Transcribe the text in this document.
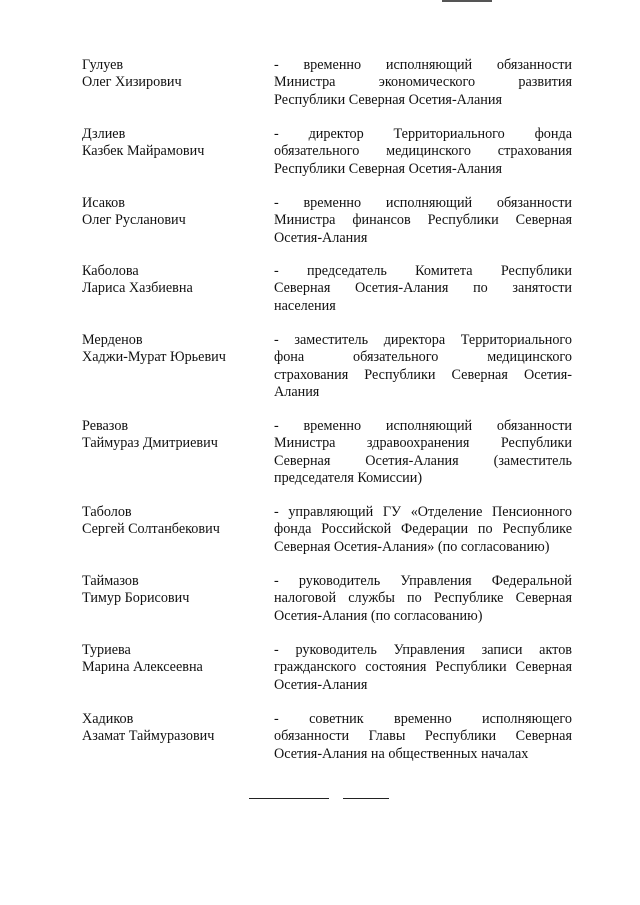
Гулуев
Олег Хизирович
- временно исполняющий обязанности
Министра экономического развития
Республики Северная Осетия-Алания
Дзлиев
Казбек Майрамович
- директор Территориального фонда
обязательного медицинского страхования
Республики Северная Осетия-Алания
Исаков
Олег Русланович
- временно исполняющий обязанности
Министра финансов Республики Северная
Осетия-Алания
Каболова
Лариса Хазбиевна
- председатель Комитета Республики
Северная Осетия-Алания по занятости
населения
Мерденов
Хаджи-Мурат Юрьевич
- заместитель директора Территориального
фона обязательного медицинского
страхования Республики Северная Осетия-
Алания
Ревазов
Таймураз Дмитриевич
- временно исполняющий обязанности
Министра здравоохранения Республики
Северная Осетия-Алания (заместитель
председателя Комиссии)
Таболов
Сергей Солтанбекович
- управляющий ГУ «Отделение Пенсионного
фонда Российской Федерации по Республике
Северная Осетия-Алания» (по согласованию)
Таймазов
Тимур Борисович
- руководитель Управления Федеральной
налоговой службы по Республике Северная
Осетия-Алания (по согласованию)
Туриева
Марина Алексеевна
- руководитель Управления записи актов
гражданского состояния Республики Северная
Осетия-Алания
Хадиков
Азамат Таймуразович
- советник временно исполняющего
обязанности Главы Республики Северная
Осетия-Алания на общественных началах
